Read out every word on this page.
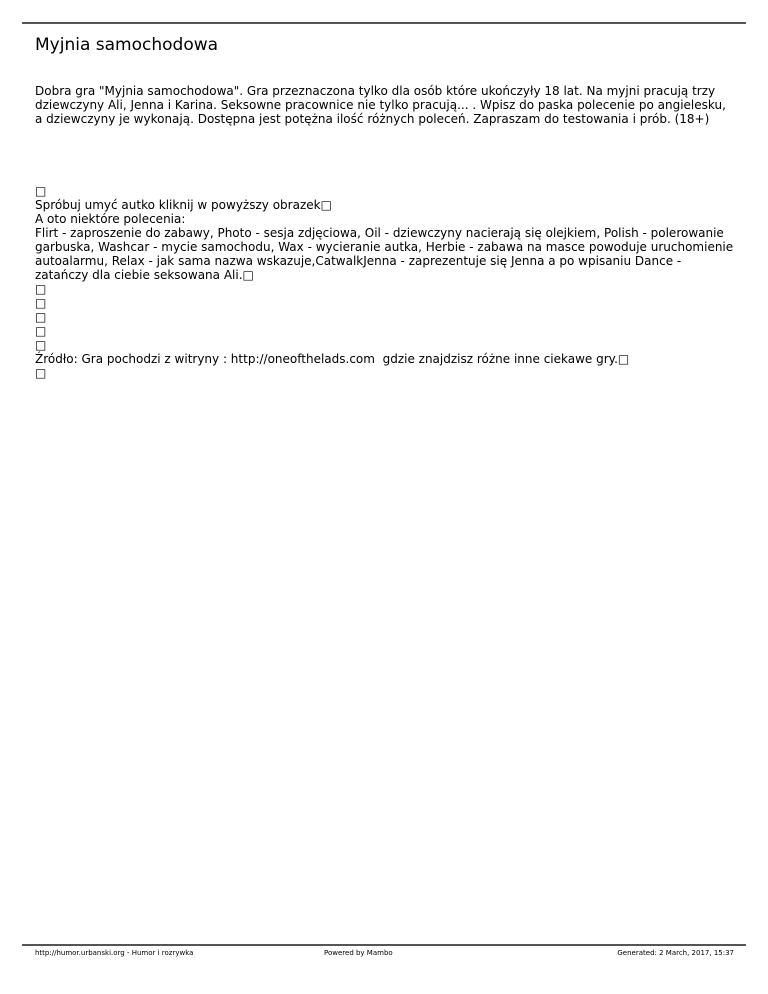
Myjnia samochodowa

Dobra gra "Myjnia samochodowa". Gra przeznaczona tylko dla osób które ukończyły 18 lat. Na myjni pracują trzy dziewczyny Ali, Jenna i Karina. Seksowne pracownice nie tylko pracują... . Wpisz do paska polecenie po angielesku, a dziewczyny je wykonają. Dostępna jest potężna ilość różnych poleceń. Zapraszam do testowania i prób. (18+)

□
Spróbuj umyć autko kliknij w powyższy obrazek□
A oto niektóre polecenia:
Flirt - zaproszenie do zabawy, Photo - sesja zdjęciowa, Oil - dziewczyny nacierają się olejkiem, Polish - polerowanie garbuska, Washcar - mycie samochodu, Wax - wycieranie autka, Herbie - zabawa na masce powoduje uruchomienie autoalarmu, Relax - jak sama nazwa wskazuje,CatwalkJenna - zaprezentuje się Jenna a po wpisaniu Dance - zatańczy dla ciebie seksowana Ali.□
□
□
□
□
□
Źródło: Gra pochodzi z witryny : http://oneofthelads.com  gdzie znajdzisz różne inne ciekawe gry.□
□
http://humor.urbanski.org - Humor i rozrywka	Powered by Mambo	Generated: 2 March, 2017, 15:37
